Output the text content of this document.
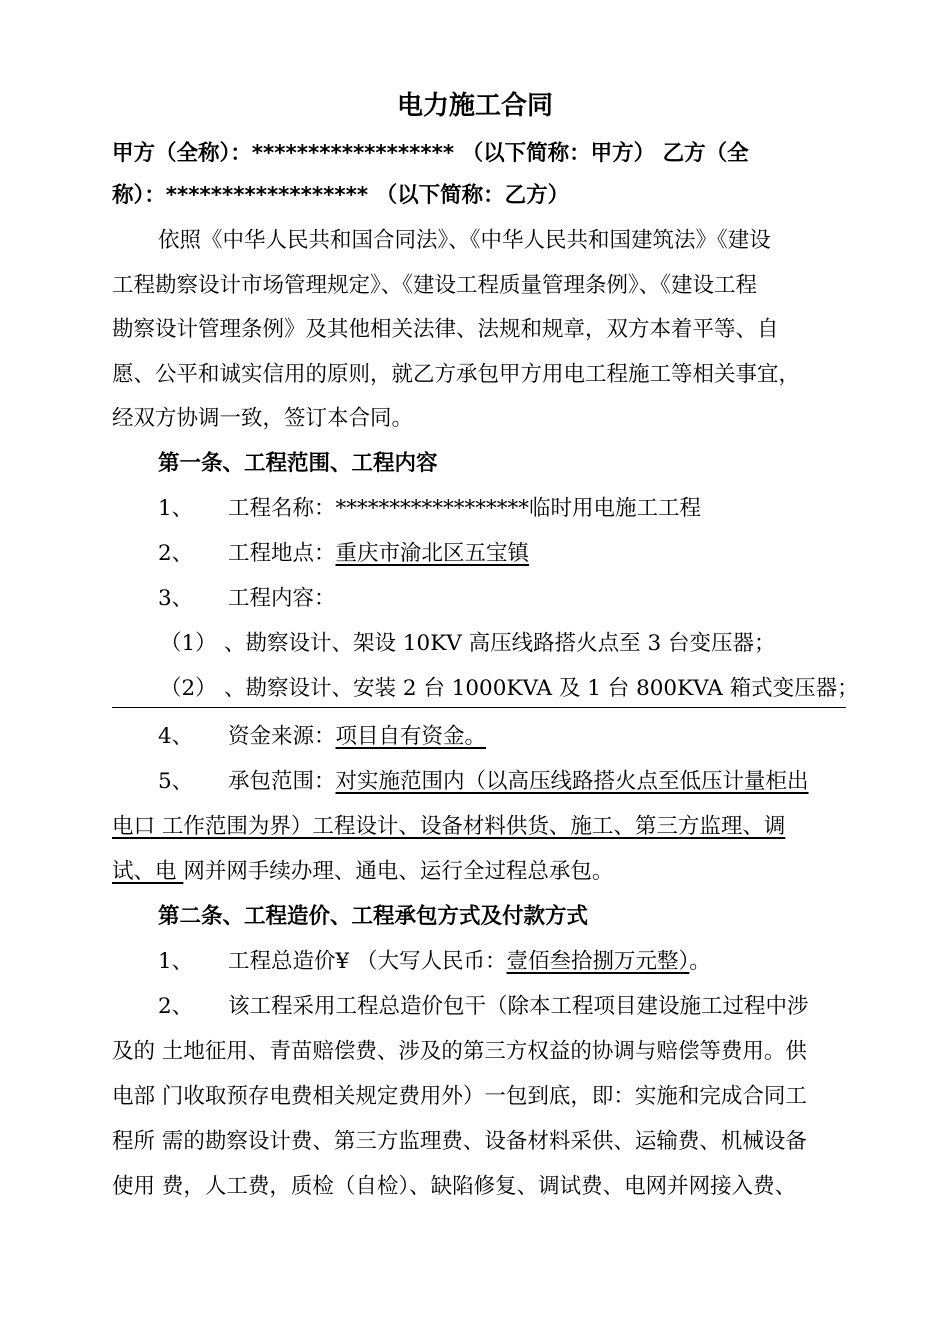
电力施工合同
甲方（全称）：****************** （以下简称：甲方） 乙方（全
称）：****************** （以下简称：乙方）
依照《中华人民共和国合同法》、《中华人民共和国建筑法》《建设
工程勘察设计市场管理规定》、《建设工程质量管理条例》、《建设工程
勘察设计管理条例》及其他相关法律、法规和规章，双方本着平等、自
愿、公平和诚实信用的原则，就乙方承包甲方用电工程施工等相关事宜，
经双方协调一致，签订本合同。
第一条、工程范围、工程内容
1、 工程名称：******************临时用电施工工程
2、 工程地点：重庆市渝北区五宝镇
3、 工程内容：
（1） 、勘察设计、架设 10KV 高压线路搭火点至 3 台变压器；
（2） 、勘察设计、安装 2 台 1000KVA 及 1 台 800KVA 箱式变压器；
4、 资金来源：项目自有资金。
5、 承包范围：对实施范围内（以高压线路搭火点至低压计量柜出
电口 工作范围为界）工程设计、设备材料供货、施工、第三方监理、调
试、电 网并网手续办理、通电、运行全过程总承包。
第二条、工程造价、工程承包方式及付款方式
1、 工程总造价¥ （大写人民币：壹佰叁拾捌万元整）。
2、 该工程采用工程总造价包干（除本工程项目建设施工过程中涉
及的 土地征用、青苗赔偿费、涉及的第三方权益的协调与赔偿等费用。供
电部 门收取预存电费相关规定费用外）一包到底，即：实施和完成合同工
程所 需的勘察设计费、第三方监理费、设备材料采供、运输费、机械设备
使用 费，人工费，质检（自检）、缺陷修复、调试费、电网并网接入费、
